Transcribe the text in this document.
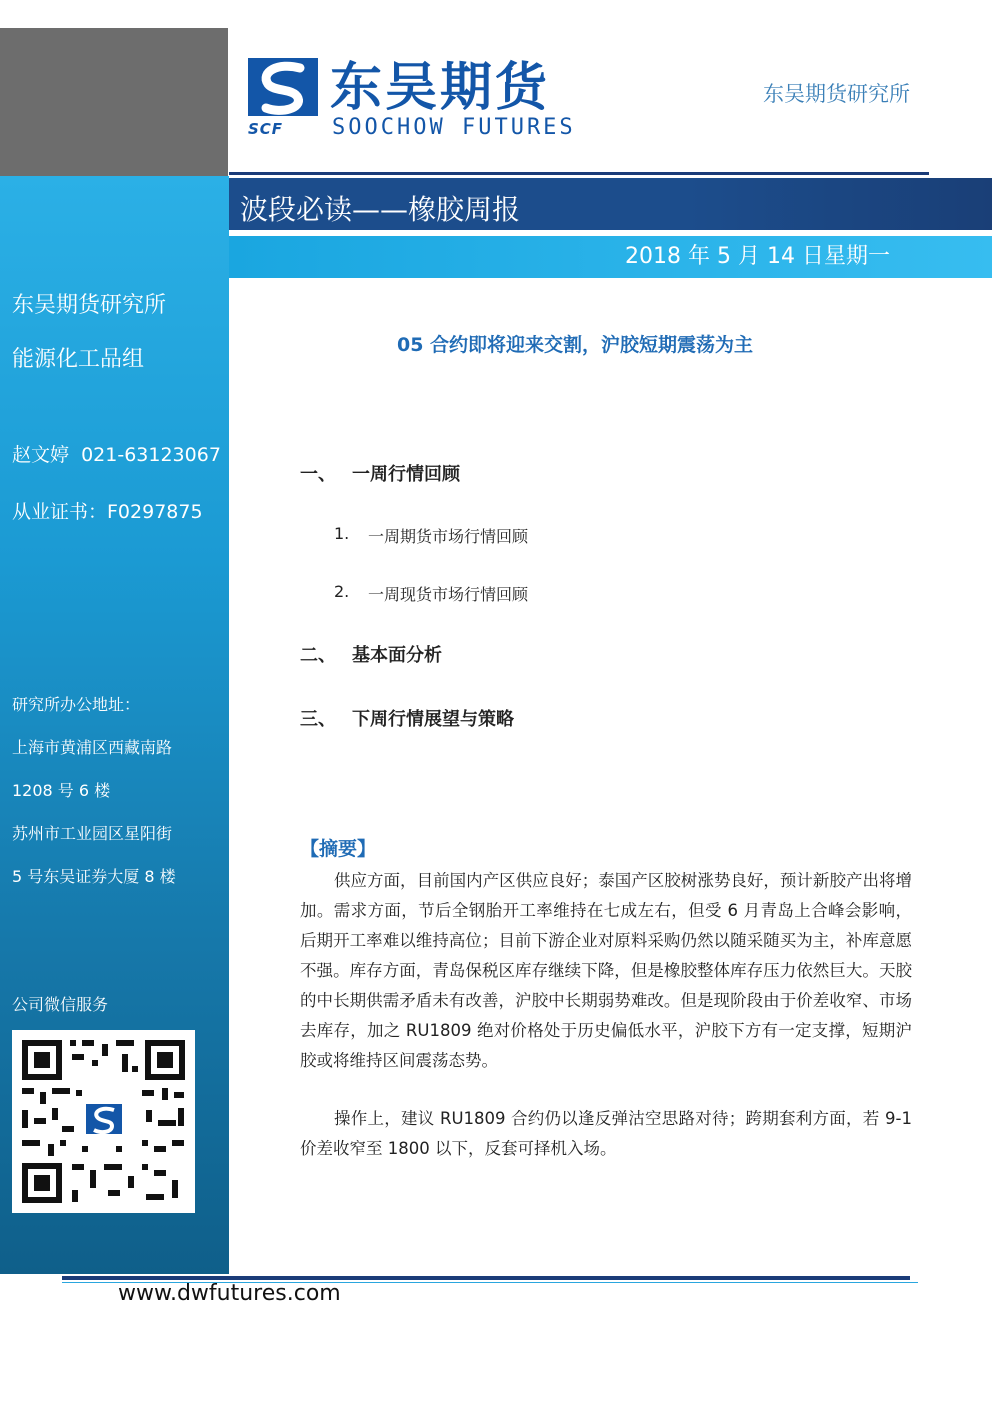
SCF
东吴期货
SOOCHOW FUTURES
东吴期货研究所
波段必读——橡胶周报
2018 年 5 月 14 日星期一
东吴期货研究所
能源化工品组
赵文婷  021-63123067
从业证书：F0297875
研究所办公地址：
上海市黄浦区西藏南路
1208 号 6 楼
苏州市工业园区星阳街
5 号东吴证券大厦 8 楼
公司微信服务
05 合约即将迎来交割，沪胶短期震荡为主
一、 一周行情回顾
1. 一周期货市场行情回顾
2. 一周现货市场行情回顾
二、 基本面分析
三、 下周行情展望与策略
【摘要】

供应方面，目前国内产区供应良好；泰国产区胶树涨势良好，预计新胶产出将增加。需求方面，节后全钢胎开工率维持在七成左右，但受 6 月青岛上合峰会影响，后期开工率难以维持高位；目前下游企业对原料采购仍然以随采随买为主，补库意愿不强。库存方面，青岛保税区库存继续下降，但是橡胶整体库存压力依然巨大。天胶的中长期供需矛盾未有改善，沪胶中长期弱势难改。但是现阶段由于价差收窄、市场去库存，加之 RU1809 绝对价格处于历史偏低水平，沪胶下方有一定支撑，短期沪胶或将维持区间震荡态势。

操作上，建议 RU1809 合约仍以逢反弹沽空思路对待；跨期套利方面，若 9-1 价差收窄至 1800 以下，反套可择机入场。

www.dwfutures.com
